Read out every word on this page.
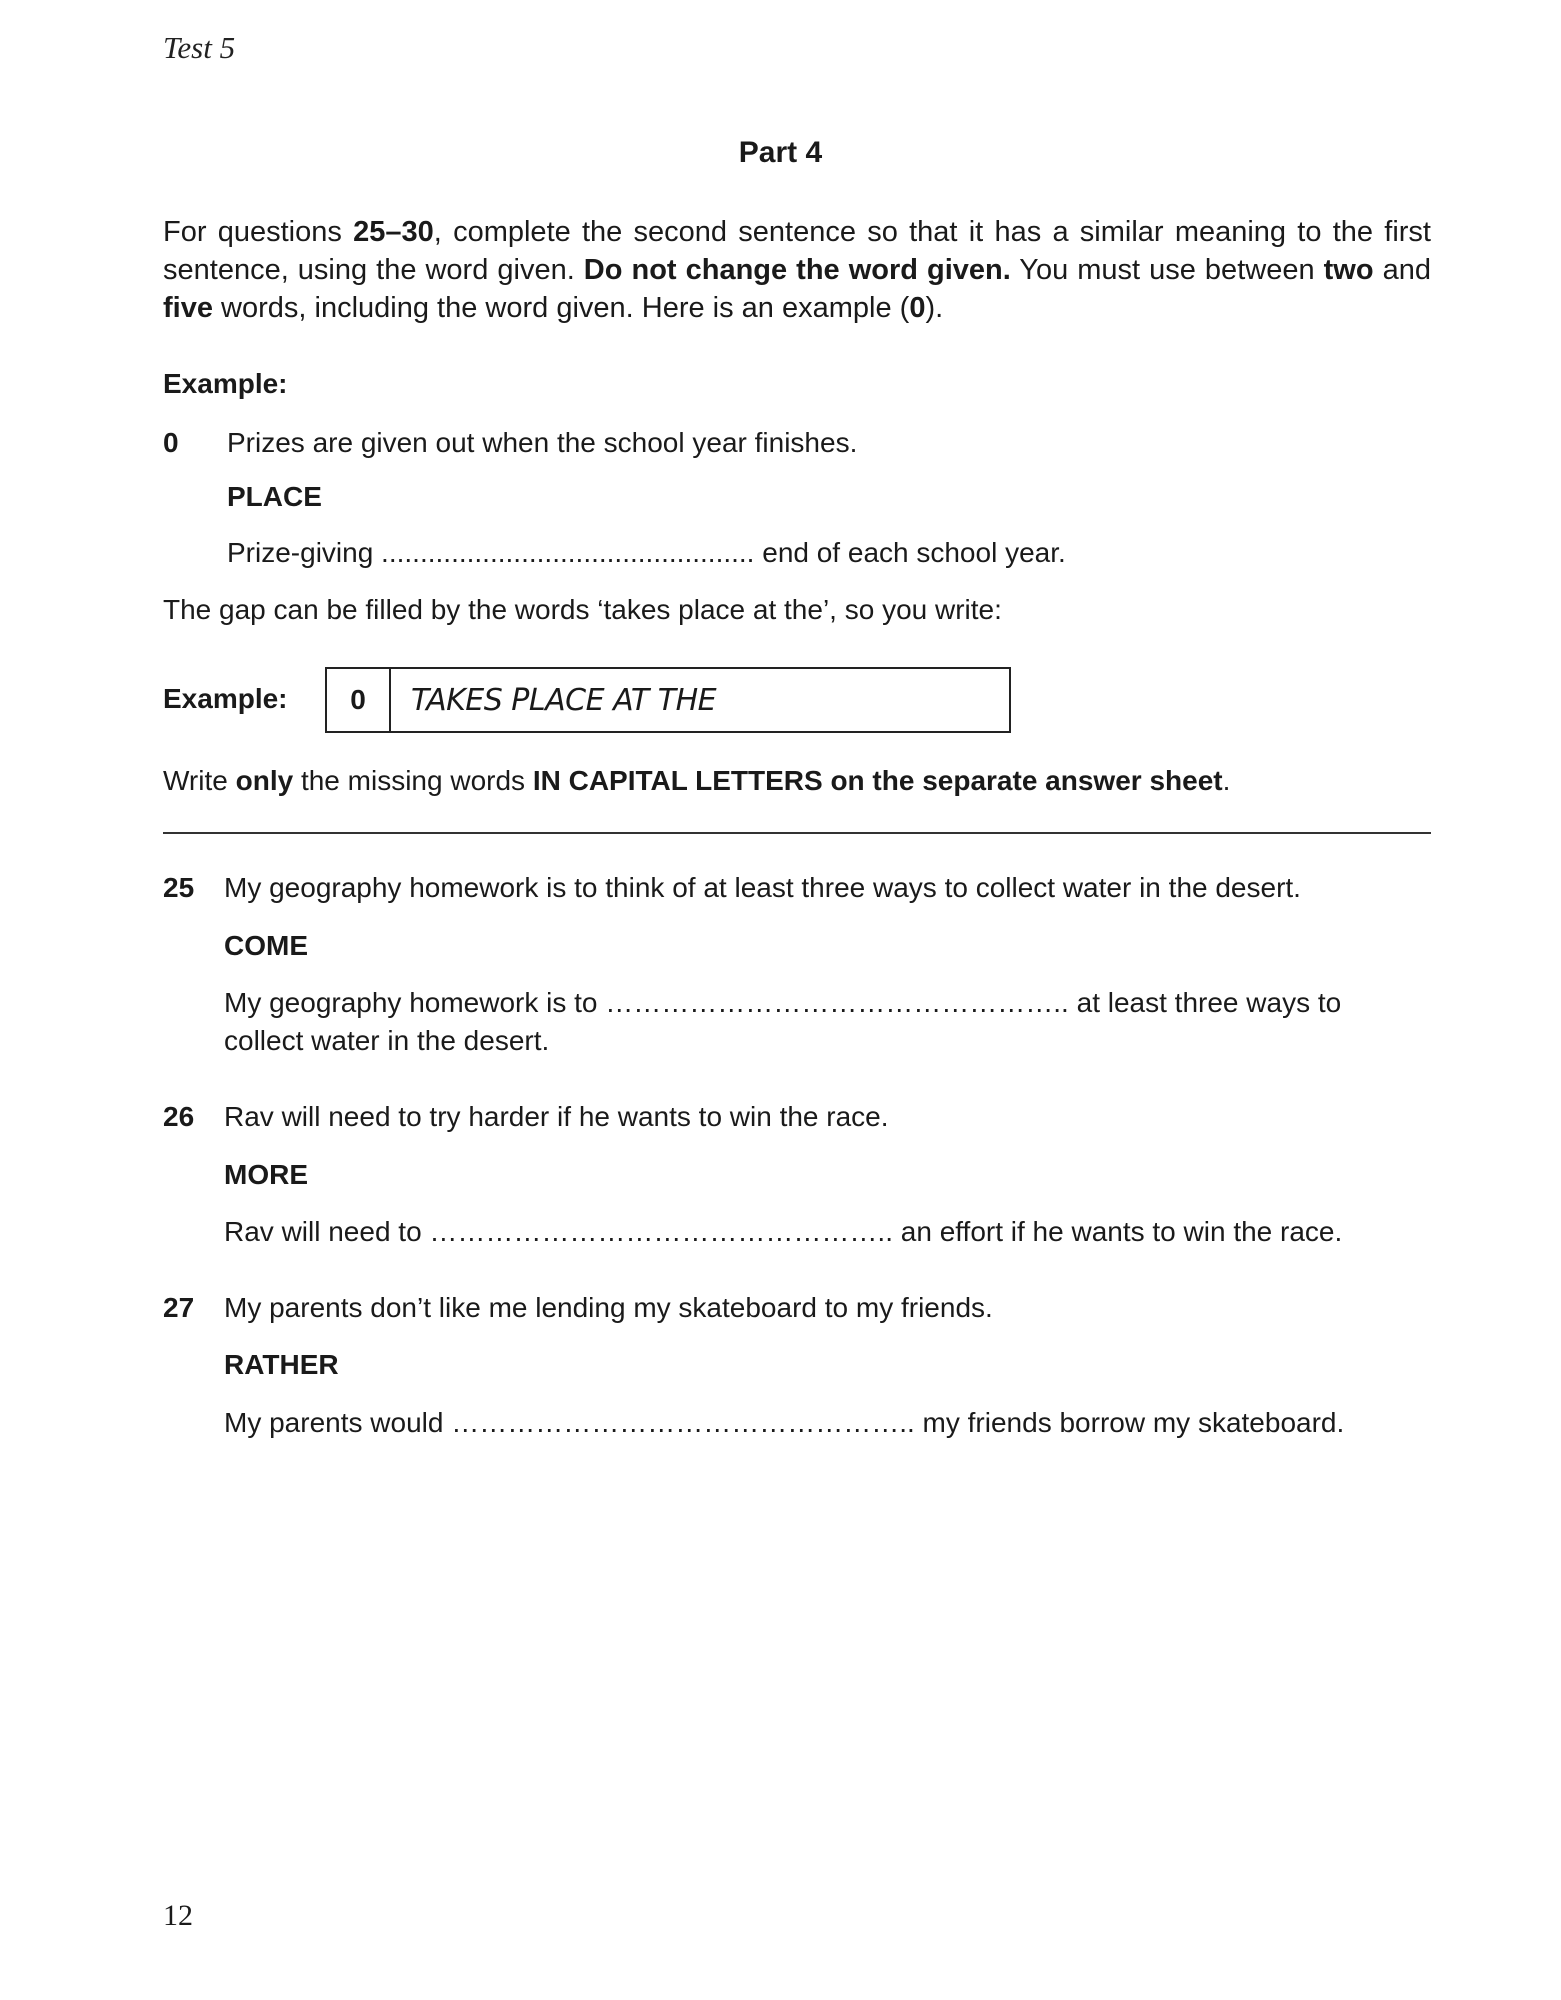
Test 5
Part 4
For questions 25–30, complete the second sentence so that it has a similar meaning to the first sentence, using the word given. Do not change the word given. You must use between two and five words, including the word given. Here is an example (0).
Example:
0 Prizes are given out when the school year finishes.
PLACE
Prize-giving ................................................ end of each school year.
The gap can be filled by the words ‘takes place at the’, so you write:
Example:	0	TAKES PLACE AT THE
Write only the missing words IN CAPITAL LETTERS on the separate answer sheet.
25 My geography homework is to think of at least three ways to collect water in the desert.
COME
My geography homework is to ………………………………………….. at least three ways to collect water in the desert.
26 Rav will need to try harder if he wants to win the race.
MORE
Rav will need to ………………………………………….. an effort if he wants to win the race.
27 My parents don’t like me lending my skateboard to my friends.
RATHER
My parents would ………………………………………….. my friends borrow my skateboard.
12
